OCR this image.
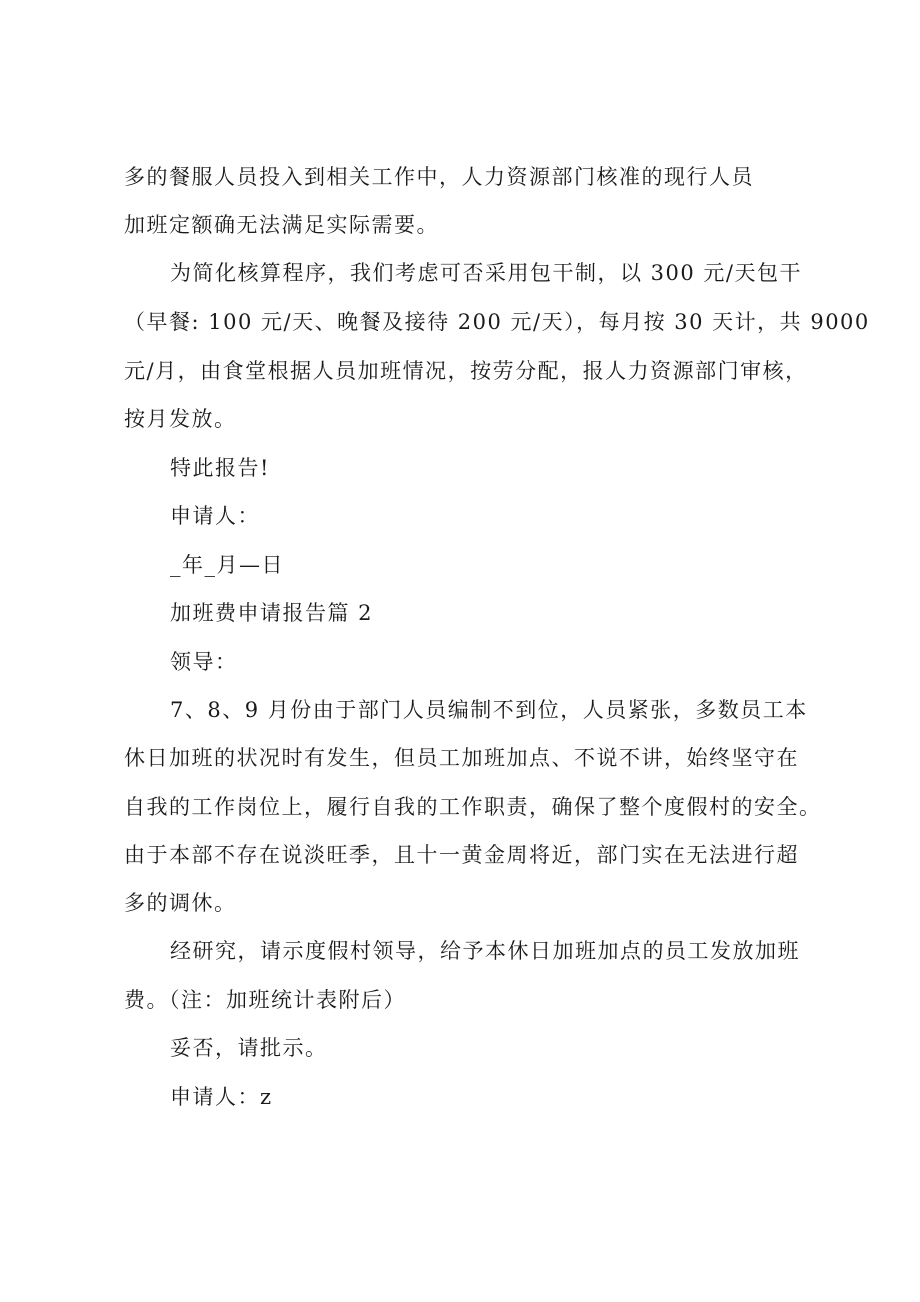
多的餐服人员投入到相关工作中，人力资源部门核准的现行人员
加班定额确无法满足实际需要。
为简化核算程序，我们考虑可否采用包干制，以 300 元/天包干
（早餐: 100 元/天、晚餐及接待 200 元/天），每月按 30 天计，共 9000
元/月，由食堂根据人员加班情况，按劳分配，报人力资源部门审核，
按月发放。
特此报告!
申请人：
_年_月—日
加班费申请报告篇 2
领导：
7、8、9 月份由于部门人员编制不到位，人员紧张，多数员工本
休日加班的状况时有发生，但员工加班加点、不说不讲，始终坚守在
自我的工作岗位上，履行自我的工作职责，确保了整个度假村的安全。
由于本部不存在说淡旺季，且十一黄金周将近，部门实在无法进行超
多的调休。
经研究，请示度假村领导，给予本休日加班加点的员工发放加班
费。（注：加班统计表附后）
妥否，请批示。
申请人：z
